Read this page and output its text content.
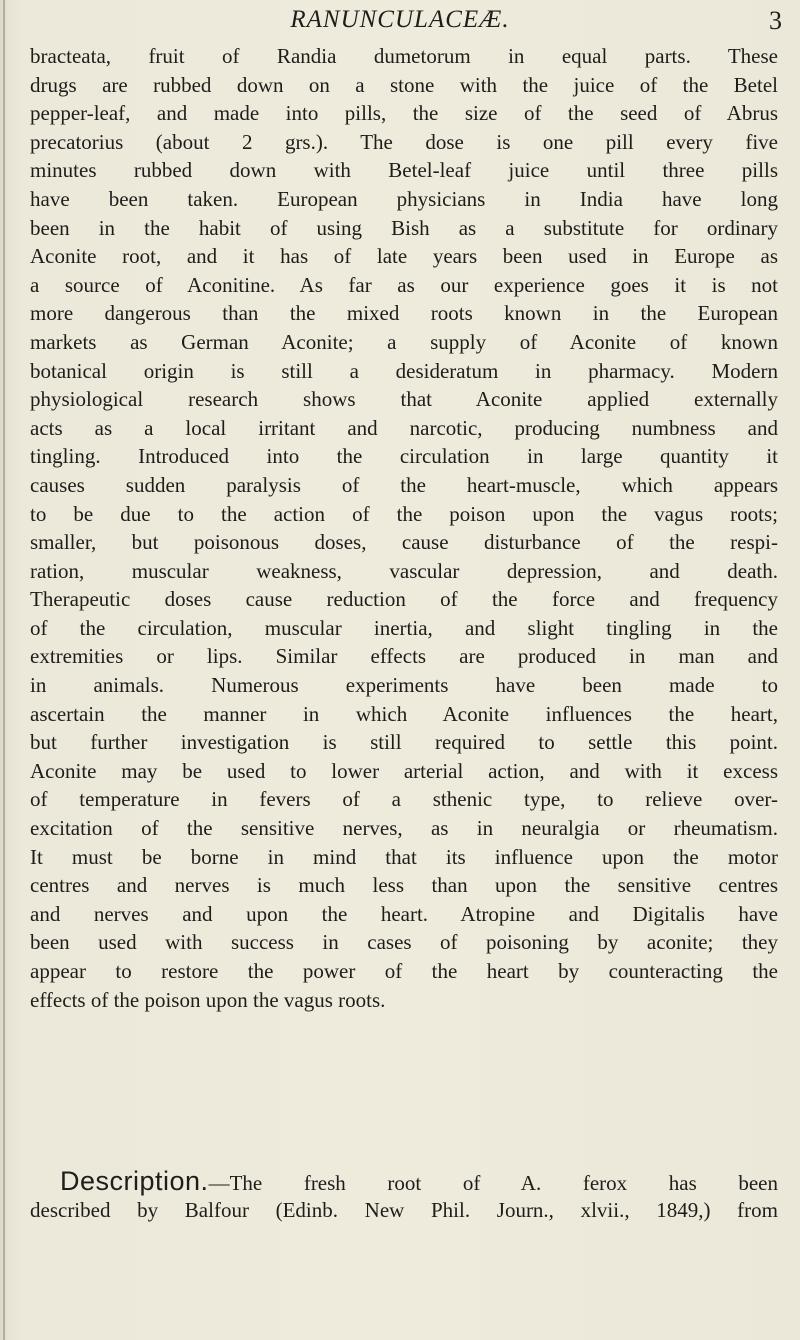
RANUNCULACEÆ.	3
bracteata, fruit of Randia dumetorum in equal parts. These
drugs are rubbed down on a stone with the juice of the Betel
pepper-leaf, and made into pills, the size of the seed of Abrus
precatorius (about 2 grs.). The dose is one pill every five
minutes rubbed down with Betel-leaf juice until three pills
have been taken. European physicians in India have long
been in the habit of using Bish as a substitute for ordinary
Aconite root, and it has of late years been used in Europe as
a source of Aconitine. As far as our experience goes it is not
more dangerous than the mixed roots known in the European
markets as German Aconite; a supply of Aconite of known
botanical origin is still a desideratum in pharmacy. Modern
physiological research shows that Aconite applied externally
acts as a local irritant and narcotic, producing numbness and
tingling. Introduced into the circulation in large quantity it
causes sudden paralysis of the heart-muscle, which appears
to be due to the action of the poison upon the vagus roots;
smaller, but poisonous doses, cause disturbance of the respi-
ration, muscular weakness, vascular depression, and death.
Therapeutic doses cause reduction of the force and frequency
of the circulation, muscular inertia, and slight tingling in the
extremities or lips. Similar effects are produced in man and
in animals. Numerous experiments have been made to
ascertain the manner in which Aconite influences the heart,
but further investigation is still required to settle this point.
Aconite may be used to lower arterial action, and with it excess
of temperature in fevers of a sthenic type, to relieve over-
excitation of the sensitive nerves, as in neuralgia or rheumatism.
It must be borne in mind that its influence upon the motor
centres and nerves is much less than upon the sensitive centres
and nerves and upon the heart. Atropine and Digitalis have
been used with success in cases of poisoning by aconite; they
appear to restore the power of the heart by counteracting the
effects of the poison upon the vagus roots.
Description.—The fresh root of A. ferox has been
described by Balfour (Edinb. New Phil. Journ., xlvii., 1849,) from
